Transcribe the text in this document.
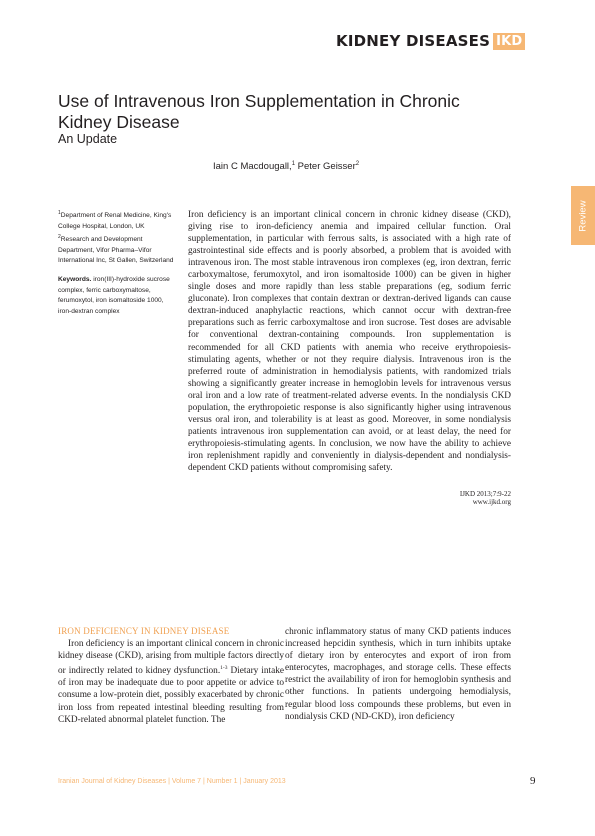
KIDNEY DISEASES IKD
Use of Intravenous Iron Supplementation in Chronic Kidney Disease
An Update
Iain C Macdougall,$^1$ Peter Geisser$^2$
Review

$^1$Department of Renal Medicine, King's College Hospital, London, UK

$^2$Research and Development Department, Vifor Pharma–Vifor International Inc, St Gallen, Switzerland

Keywords. iron(III)-hydroxide sucrose complex, ferric carboxymaltose, ferumoxytol, iron isomaltoside 1000, iron-dextran complex

Iron deficiency is an important clinical concern in chronic kidney disease (CKD), giving rise to iron-deficiency anemia and impaired cellular function. Oral supplementation, in particular with ferrous salts, is associated with a high rate of gastrointestinal side effects and is poorly absorbed, a problem that is avoided with intravenous iron. The most stable intravenous iron complexes (eg, iron dextran, ferric carboxymaltose, ferumoxytol, and iron isomaltoside 1000) can be given in higher single doses and more rapidly than less stable preparations (eg, sodium ferric gluconate). Iron complexes that contain dextran or dextran-derived ligands can cause dextran-induced anaphylactic reactions, which cannot occur with dextran-free preparations such as ferric carboxymaltose and iron sucrose. Test doses are advisable for conventional dextran-containing compounds. Iron supplementation is recommended for all CKD patients with anemia who receive erythropoiesis-stimulating agents, whether or not they require dialysis. Intravenous iron is the preferred route of administration in hemodialysis patients, with randomized trials showing a significantly greater increase in hemoglobin levels for intravenous versus oral iron and a low rate of treatment-related adverse events. In the nondialysis CKD population, the erythropoietic response is also significantly higher using intravenous versus oral iron, and tolerability is at least as good. Moreover, in some nondialysis patients intravenous iron supplementation can avoid, or at least delay, the need for erythropoiesis-stimulating agents. In conclusion, we now have the ability to achieve iron replenishment rapidly and conveniently in dialysis-dependent and nondialysis-dependent CKD patients without compromising safety.

IJKD 2013;7:9-22
www.ijkd.org
IRON DEFICIENCY IN KIDNEY DISEASE

Iron deficiency is an important clinical concern in chronic kidney disease (CKD), arising from multiple factors directly or indirectly related to kidney dysfunction.$^{1-3}$ Dietary intake of iron may be inadequate due to poor appetite or advice to consume a low-protein diet, possibly exacerbated by chronic iron loss from repeated intestinal bleeding resulting from CKD-related abnormal platelet function. The

chronic inflammatory status of many CKD patients induces increased hepcidin synthesis, which in turn inhibits uptake of dietary iron by enterocytes and export of iron from enterocytes, macrophages, and storage cells. These effects restrict the availability of iron for hemoglobin synthesis and other functions. In patients undergoing hemodialysis, regular blood loss compounds these problems, but even in nondialysis CKD (ND-CKD), iron deficiency

Iranian Journal of Kidney Diseases | Volume 7 | Number 1 | January 2013	9
